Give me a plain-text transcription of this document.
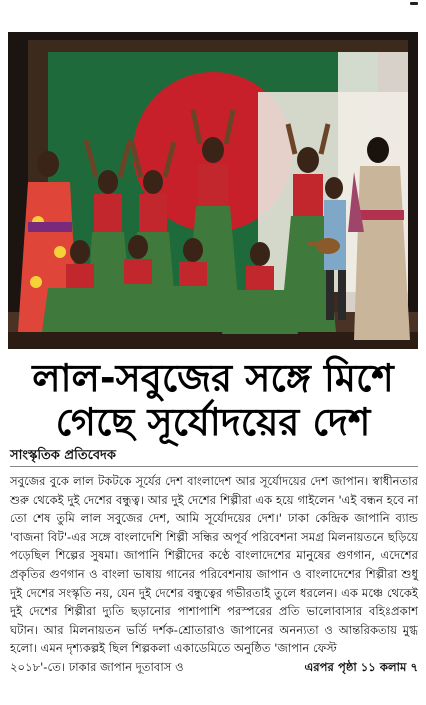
লাল-সবুজের সঙ্গে মিশে
গেছে সূর্যোদয়ের দেশ
সাংস্কৃতিক প্রতিবেদক

সবুজের বুকে লাল টকটকে সূর্যের দেশ বাংলাদেশ আর সূর্যোদয়ের দেশ জাপান। স্বাধীনতার শুরু থেকেই দুই দেশের বন্ধুত্ব। আর দুই দেশের শিল্পীরা এক হয়ে গাইলেন 'এই বন্ধন হবে না তো শেষ তুমি লাল সবুজের দেশ, আমি সূর্যোদয়ের দেশ।' ঢাকা কেন্দ্রিক জাপানি ব্যান্ড 'বাজনা বিট'-এর সঙ্গে বাংলাদেশি শিল্পী সন্ধির অপূর্ব পরিবেশনা সমগ্র মিলনায়তনে ছড়িয়ে পড়েছিল শিল্পের সুষমা। জাপানি শিল্পীদের কণ্ঠে বাংলাদেশের মানুষের গুণগান, এদেশের প্রকৃতির গুণগান ও বাংলা ভাষায় গানের পরিবেশনায় জাপান ও বাংলাদেশের শিল্পীরা শুধু দুই দেশের সংস্কৃতি নয়, যেন দুই দেশের বন্ধুত্বের গভীরতাই তুলে ধরলেন। এক মঞ্চে থেকেই দুই দেশের শিল্পীরা দ্যুতি ছড়ানোর পাশাপাশি পরস্পরের প্রতি ভালোবাসার বহিঃপ্রকাশ ঘটান। আর মিলনায়তন ভর্তি দর্শক-শ্রোতারাও জাপানের অনন্যতা ও আন্তরিকতায় মুগ্ধ হলো। এমন দৃশ্যকল্পই ছিল শিল্পকলা একাডেমিতে অনুষ্ঠিত 'জাপান ফেস্ট

২০১৮'-তে। ঢাকার জাপান দূতাবাস ও	এরপর পৃষ্ঠা ১১ কলাম ৭
